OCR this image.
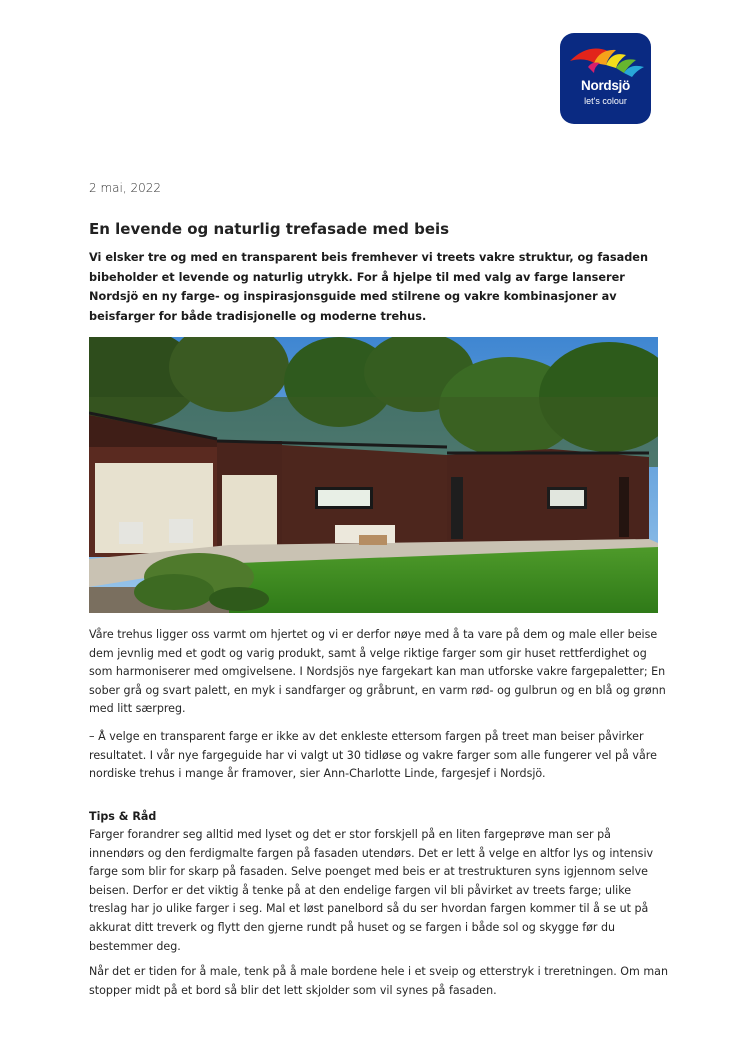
Nordsjö
let's colour
2 mai, 2022
En levende og naturlig trefasade med beis

Vi elsker tre og med en transparent beis fremhever vi treets vakre struktur, og fasaden bibeholder et levende og naturlig utrykk. For å hjelpe til med valg av farge lanserer Nordsjö en ny farge- og inspirasjonsguide med stilrene og vakre kombinasjoner av beisfarger for både tradisjonelle og moderne trehus.

Våre trehus ligger oss varmt om hjertet og vi er derfor nøye med å ta vare på dem og male eller beise dem jevnlig med et godt og varig produkt, samt å velge riktige farger som gir huset rettferdighet og som harmoniserer med omgivelsene. I Nordsjös nye fargekart kan man utforske vakre fargepaletter; En sober grå og svart palett, en myk i sandfarger og gråbrunt, en varm rød- og gulbrun og en blå og grønn med litt særpreg.

– Å velge en transparent farge er ikke av det enkleste ettersom fargen på treet man beiser påvirker resultatet. I vår nye fargeguide har vi valgt ut 30 tidløse og vakre farger som alle fungerer vel på våre nordiske trehus i mange år framover, sier Ann-Charlotte Linde, fargesjef i Nordsjö.

Tips & Råd

Farger forandrer seg alltid med lyset og det er stor forskjell på en liten fargeprøve man ser på innendørs og den ferdigmalte fargen på fasaden utendørs. Det er lett å velge en altfor lys og intensiv farge som blir for skarp på fasaden. Selve poenget med beis er at trestrukturen syns igjennom selve beisen. Derfor er det viktig å tenke på at den endelige fargen vil bli påvirket av treets farge; ulike treslag har jo ulike farger i seg. Mal et løst panelbord så du ser hvordan fargen kommer til å se ut på akkurat ditt treverk og flytt den gjerne rundt på huset og se fargen i både sol og skygge før du bestemmer deg.

Når det er tiden for å male, tenk på å male bordene hele i et sveip og etterstryk i treretningen. Om man stopper midt på et bord så blir det lett skjolder som vil synes på fasaden.
